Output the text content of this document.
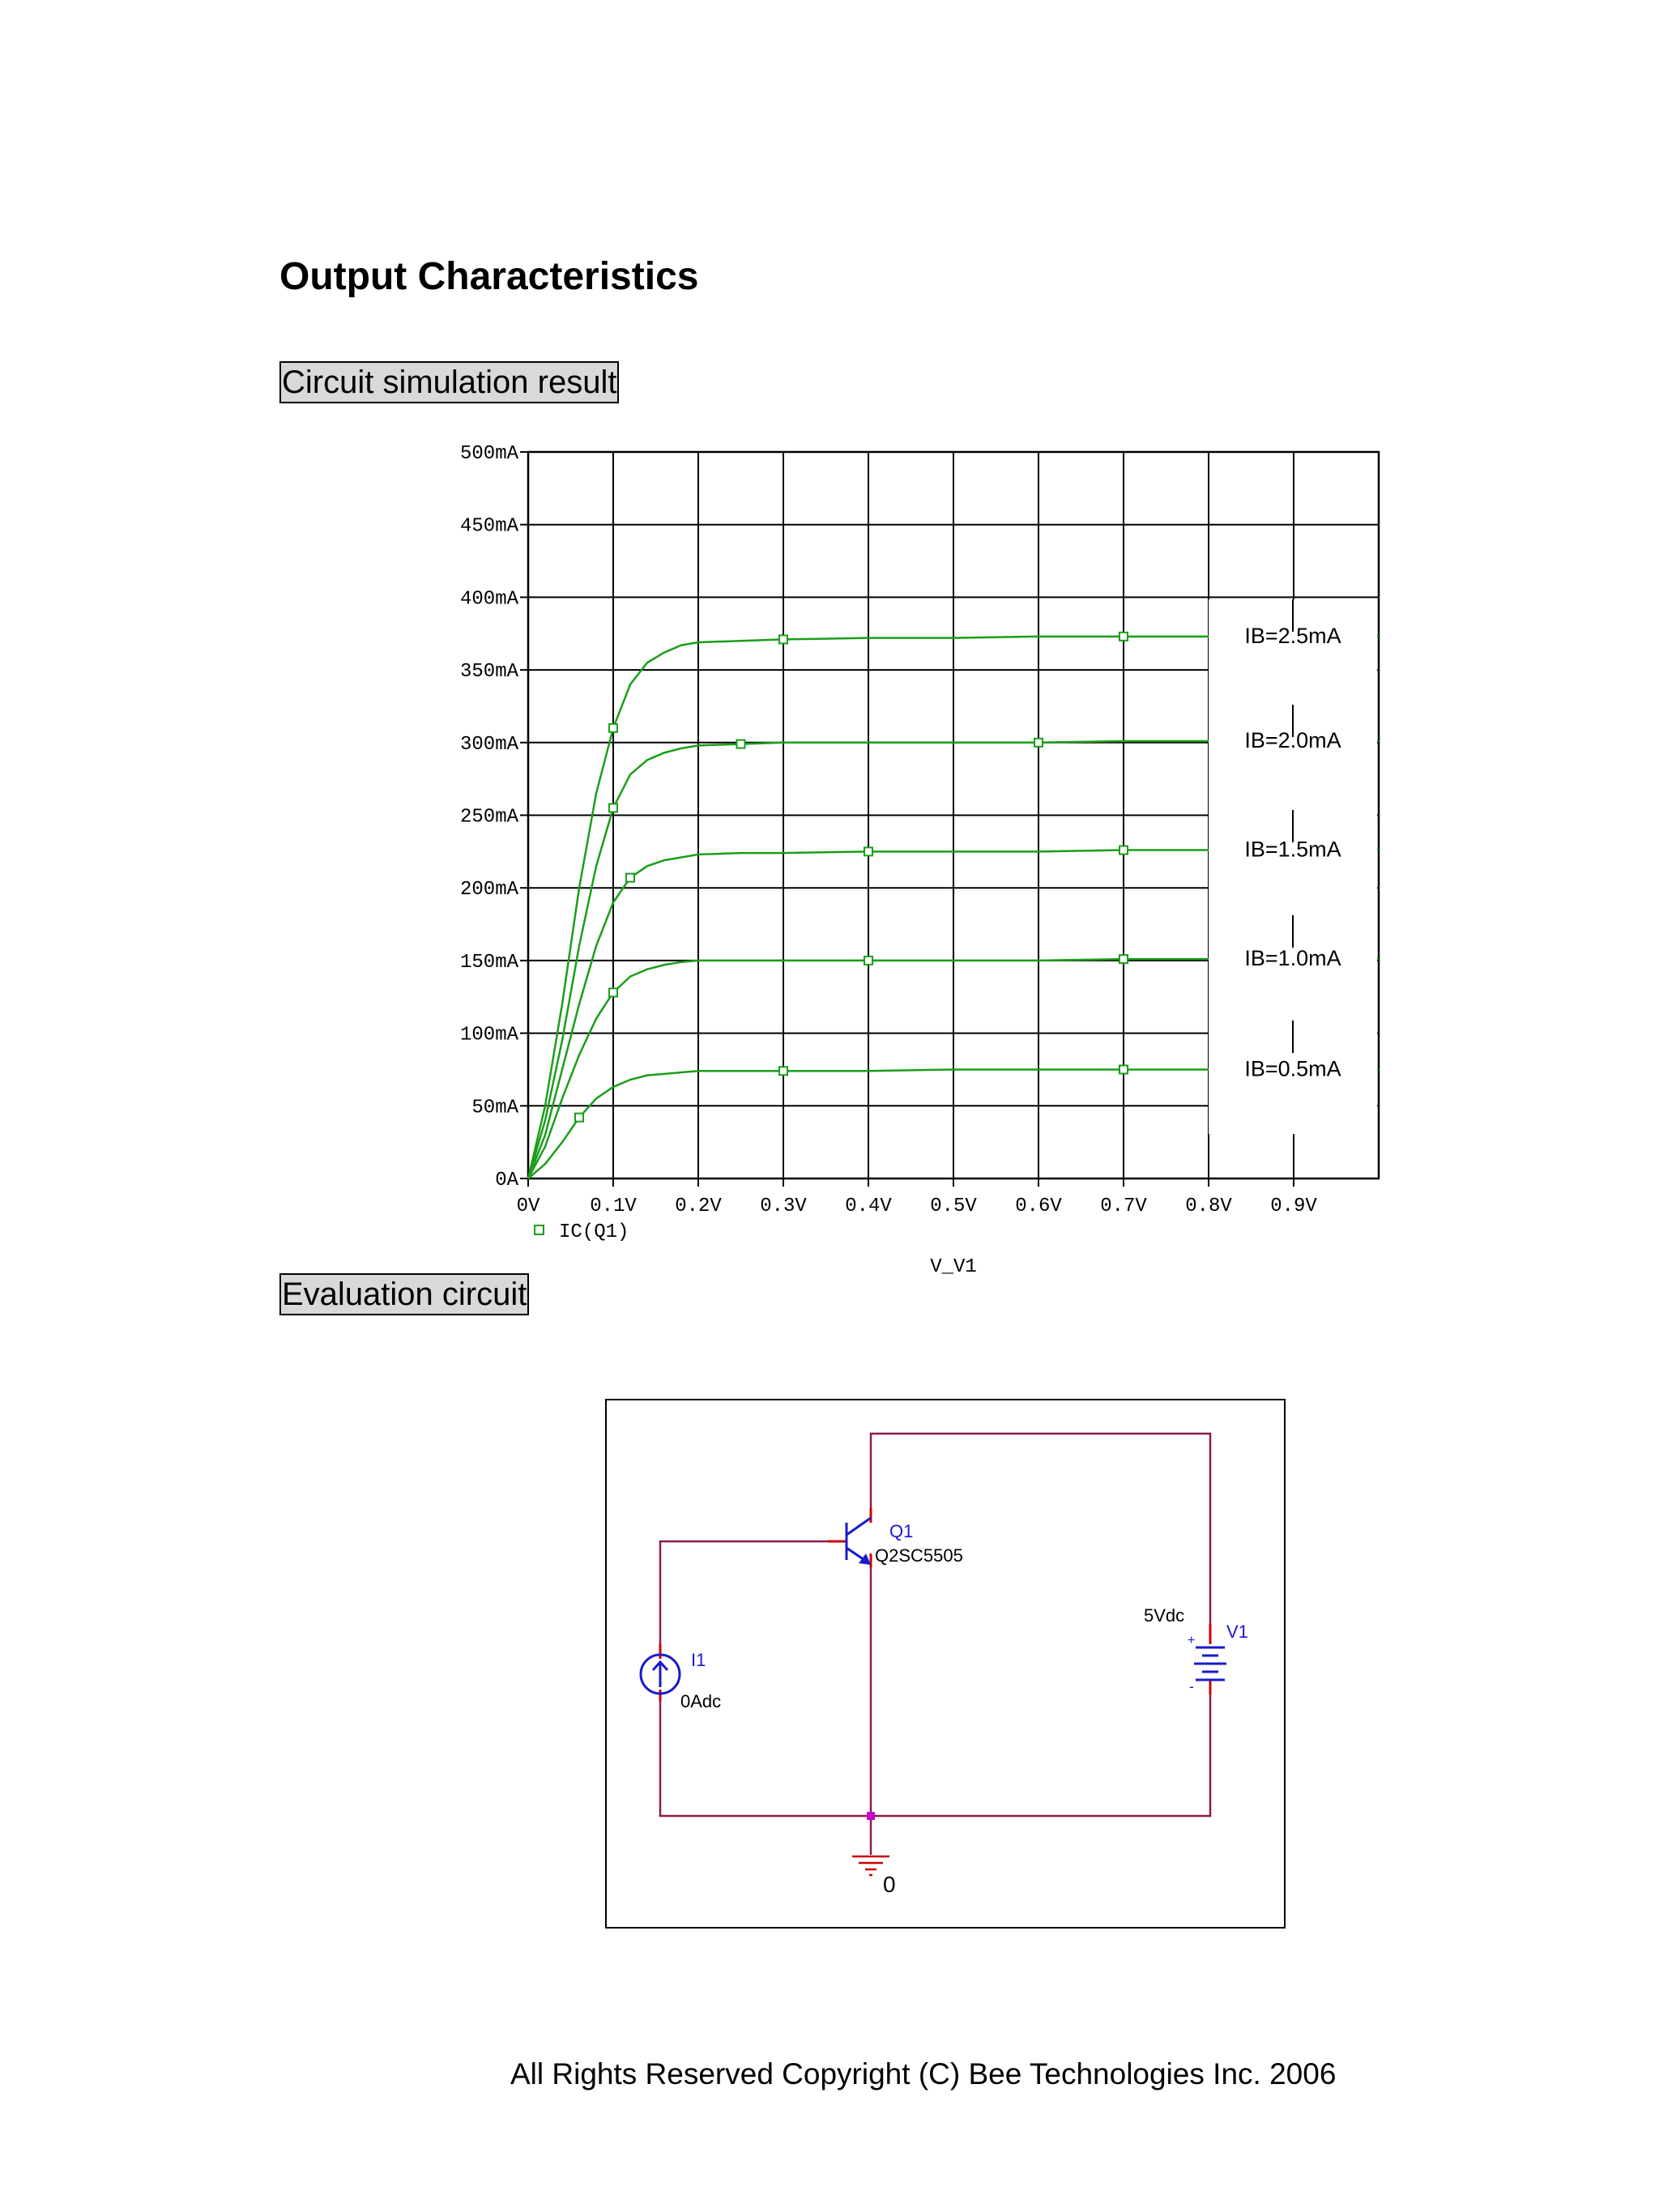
Output Characteristics
Circuit simulation result
0A
50mA
100mA
150mA
200mA
250mA
300mA
350mA
400mA
450mA
500mA
0V	0.1V 0.2V 0.3V 0.4V 0.5V 0.6V 0.7V 0.8V 0.9V
IC(Q1)
V_V1
IB=2.5mA
IB=2.0mA
IB=1.5mA
IB=1.0mA
IB=0.5mA
Evaluation circuit
Q1
Q2SC5505
I1
0Adc
+
-
5Vdc
V1
0
All Rights Reserved Copyright (C) Bee Technologies Inc. 2006
